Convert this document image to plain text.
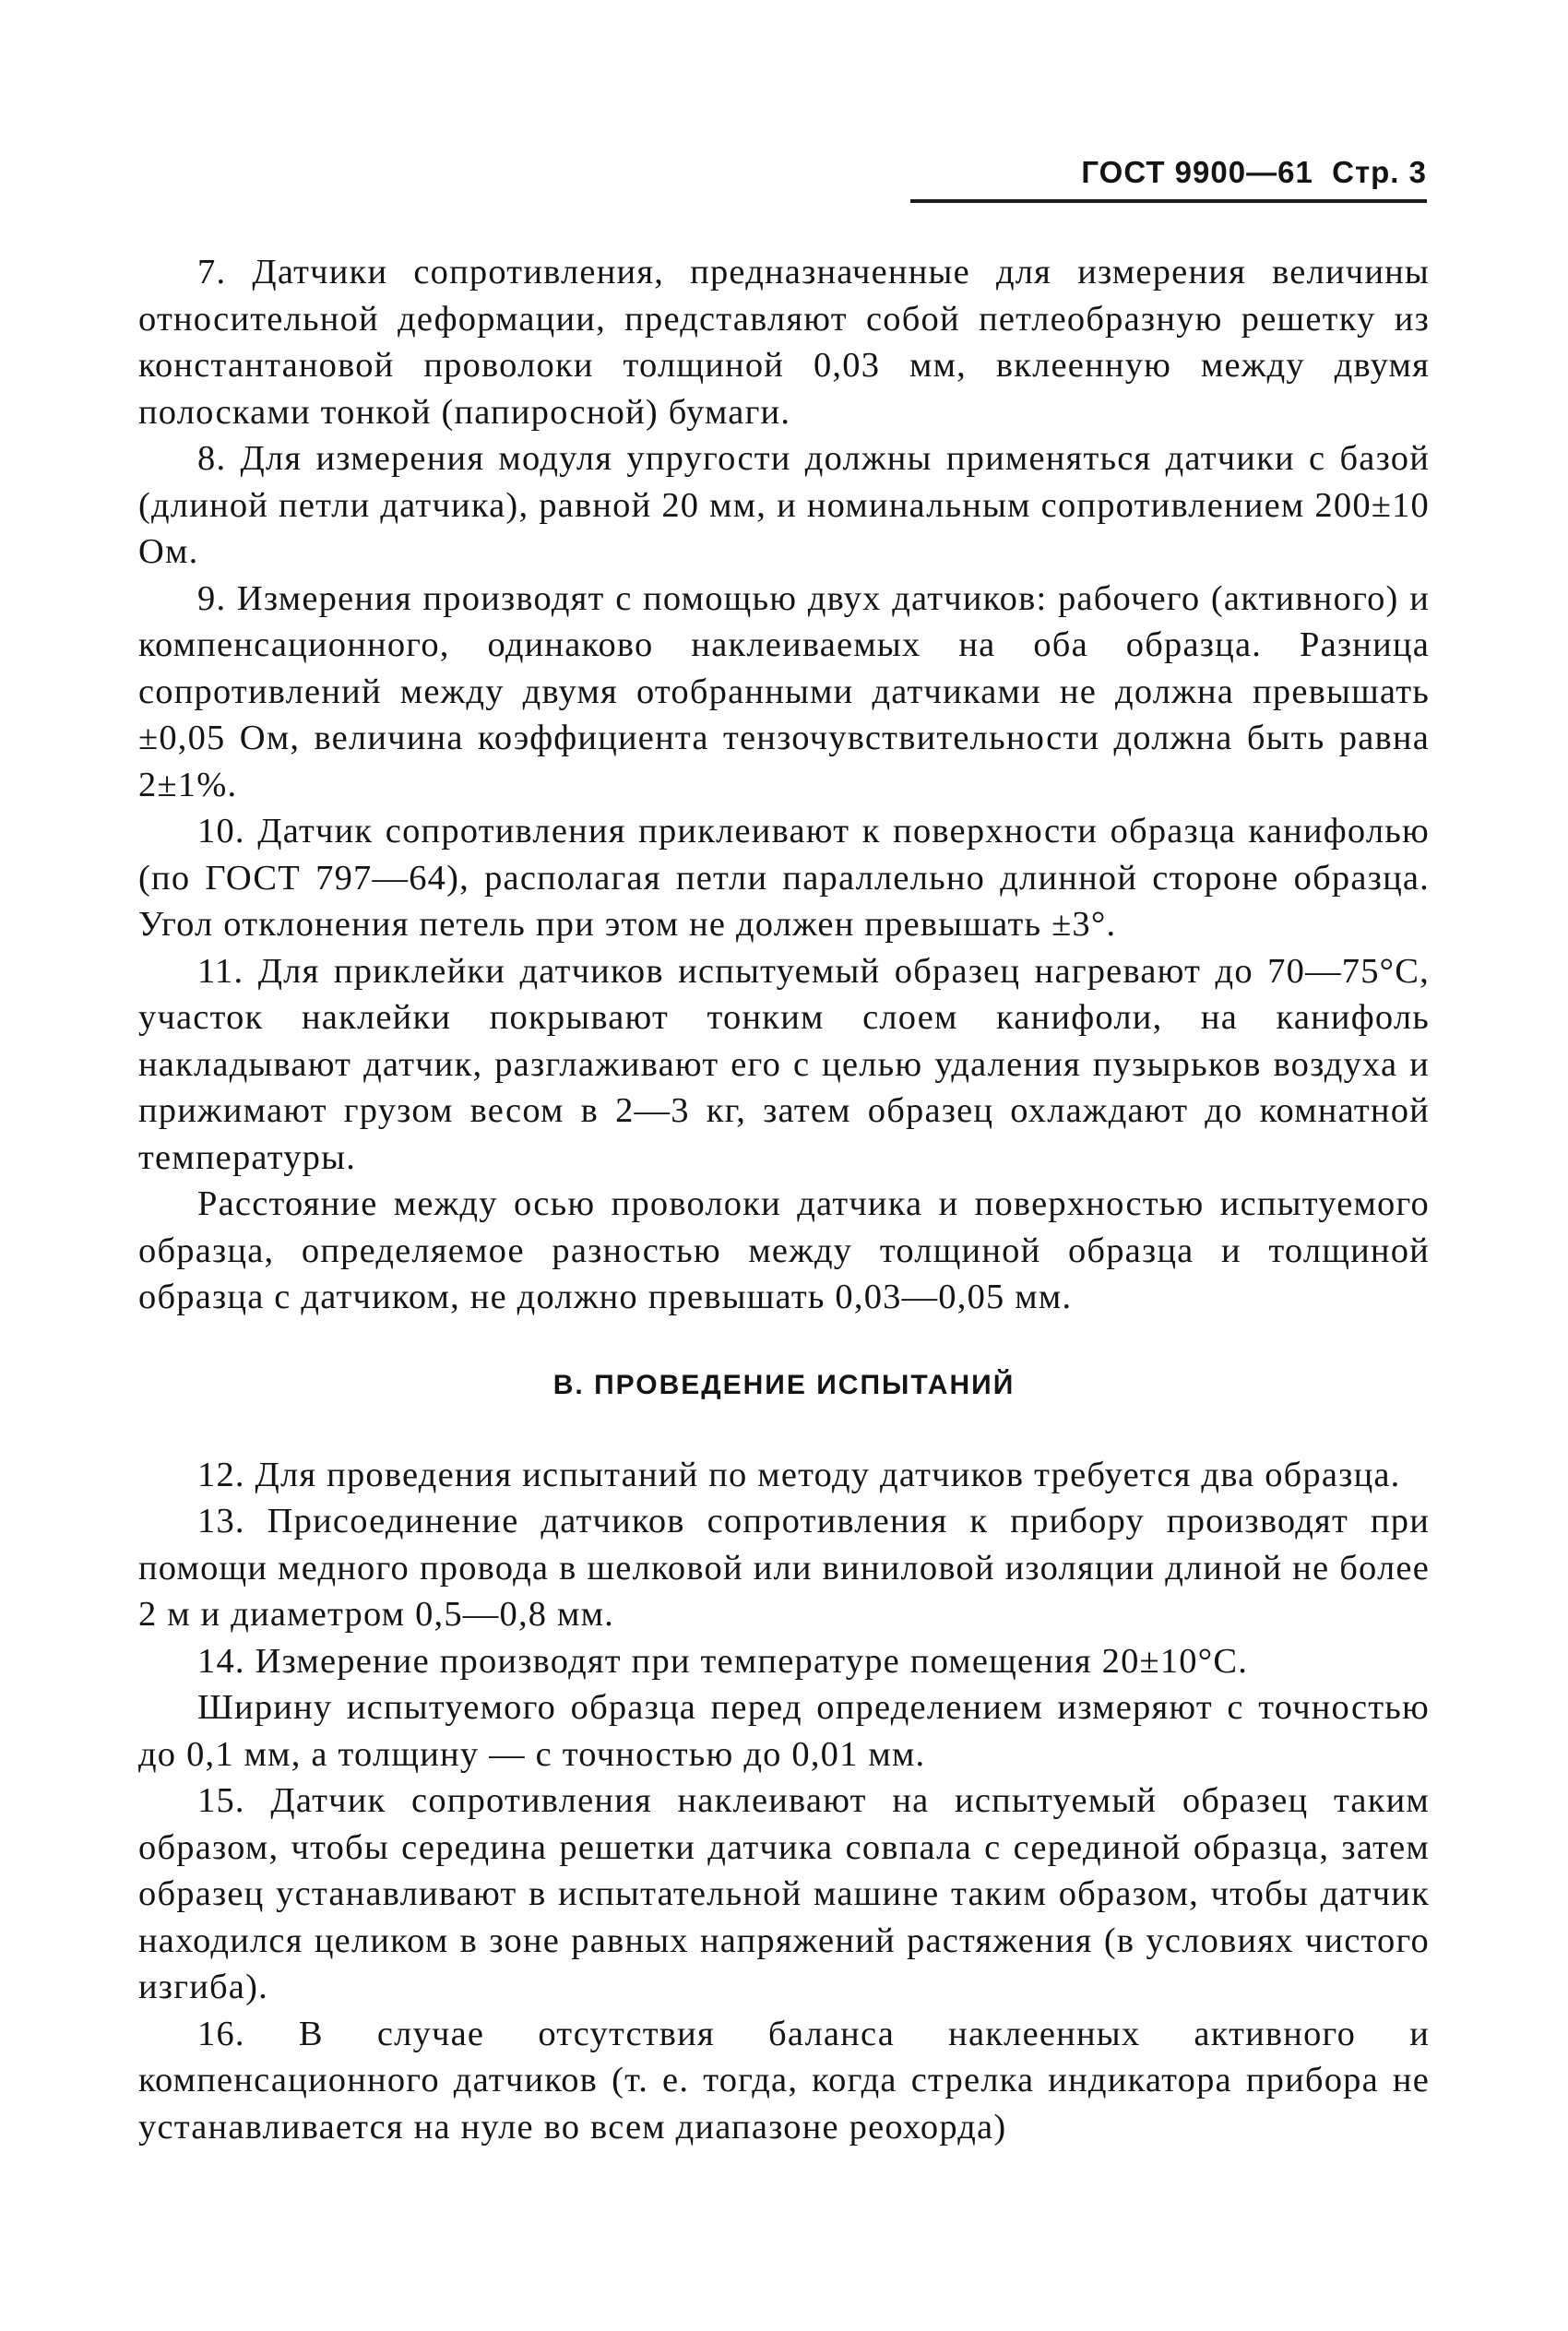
ГОСТ 9900—61 Стр. 3

7. Датчики сопротивления, предназначенные для измерения величины относительной деформации, представляют собой петлеобразную решетку из константановой проволоки толщиной 0,03 мм, вклеенную между двумя полосками тонкой (папиросной) бумаги.

8. Для измерения модуля упругости должны применяться датчики с базой (длиной петли датчика), равной 20 мм, и номинальным сопротивлением 200±10 Ом.

9. Измерения производят с помощью двух датчиков: рабочего (активного) и компенсационного, одинаково наклеиваемых на оба образца. Разница сопротивлений между двумя отобранными датчиками не должна превышать ±0,05 Ом, величина коэффициента тензочувствительности должна быть равна 2±1%.

10. Датчик сопротивления приклеивают к поверхности образца канифолью (по ГОСТ 797—64), располагая петли параллельно длинной стороне образца. Угол отклонения петель при этом не должен превышать ±3°.

11. Для приклейки датчиков испытуемый образец нагревают до 70—75°С, участок наклейки покрывают тонким слоем канифоли, на канифоль накладывают датчик, разглаживают его с целью удаления пузырьков воздуха и прижимают грузом весом в 2—3 кг, затем образец охлаждают до комнатной температуры.

Расстояние между осью проволоки датчика и поверхностью испытуемого образца, определяемое разностью между толщиной образца и толщиной образца с датчиком, не должно превышать 0,03—0,05 мм.

В. ПРОВЕДЕНИЕ ИСПЫТАНИЙ

12. Для проведения испытаний по методу датчиков требуется два образца.

13. Присоединение датчиков сопротивления к прибору производят при помощи медного провода в шелковой или виниловой изоляции длиной не более 2 м и диаметром 0,5—0,8 мм.

14. Измерение производят при температуре помещения 20±10°С.

Ширину испытуемого образца перед определением измеряют с точностью до 0,1 мм, а толщину — с точностью до 0,01 мм.

15. Датчик сопротивления наклеивают на испытуемый образец таким образом, чтобы середина решетки датчика совпала с серединой образца, затем образец устанавливают в испытательной машине таким образом, чтобы датчик находился целиком в зоне равных напряжений растяжения (в условиях чистого изгиба).

16. В случае отсутствия баланса наклеенных активного и компенсационного датчиков (т. е. тогда, когда стрелка индикатора прибора не устанавливается на нуле во всем диапазоне реохорда)
